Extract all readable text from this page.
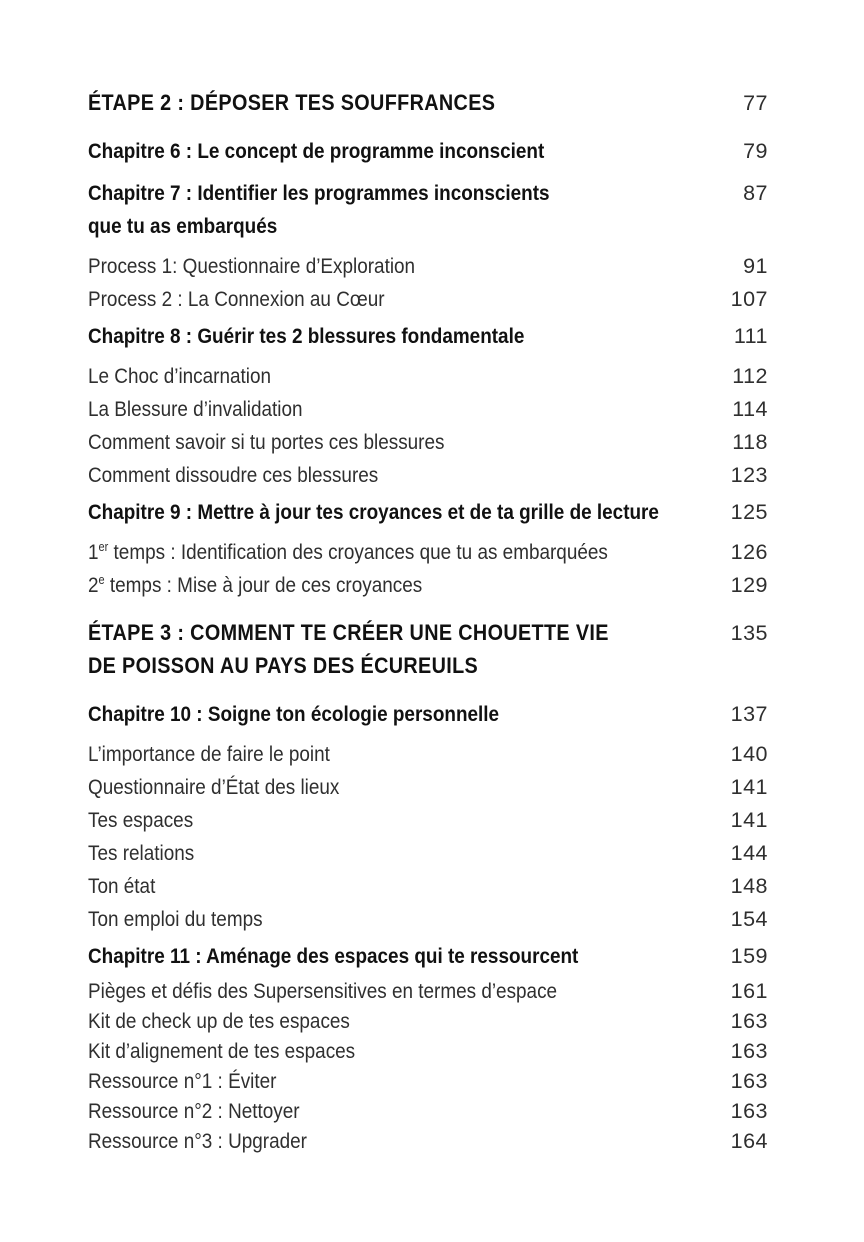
ÉTAPE 2 : DÉPOSER TES SOUFFRANCES	77
Chapitre 6 : Le concept de programme inconscient	79
Chapitre 7 : Identifier les programmes inconscients
que tu as embarqués
87
Process 1: Questionnaire d’Exploration	91
Process 2 : La Connexion au Cœur	107
Chapitre 8 : Guérir tes 2 blessures fondamentale	111
Le Choc d’incarnation	112
La Blessure d’invalidation	114
Comment savoir si tu portes ces blessures	118
Comment dissoudre ces blessures	123
Chapitre 9 : Mettre à jour tes croyances et de ta grille de lecture	125
1er temps : Identification des croyances que tu as embarquées	126
2e temps : Mise à jour de ces croyances	129
ÉTAPE 3 : COMMENT TE CRÉER UNE CHOUETTE VIE
DE POISSON AU PAYS DES ÉCUREUILS
135
Chapitre 10 : Soigne ton écologie personnelle	137
L’importance de faire le point	140
Questionnaire d’État des lieux	141
Tes espaces	141
Tes relations	144
Ton état	148
Ton emploi du temps	154
Chapitre 11 : Aménage des espaces qui te ressourcent	159
Pièges et défis des Supersensitives en termes d’espace	161
Kit de check up de tes espaces	163
Kit d’alignement de tes espaces	163
Ressource n°1 : Éviter	163
Ressource n°2 : Nettoyer	163
Ressource n°3 : Upgrader	164
